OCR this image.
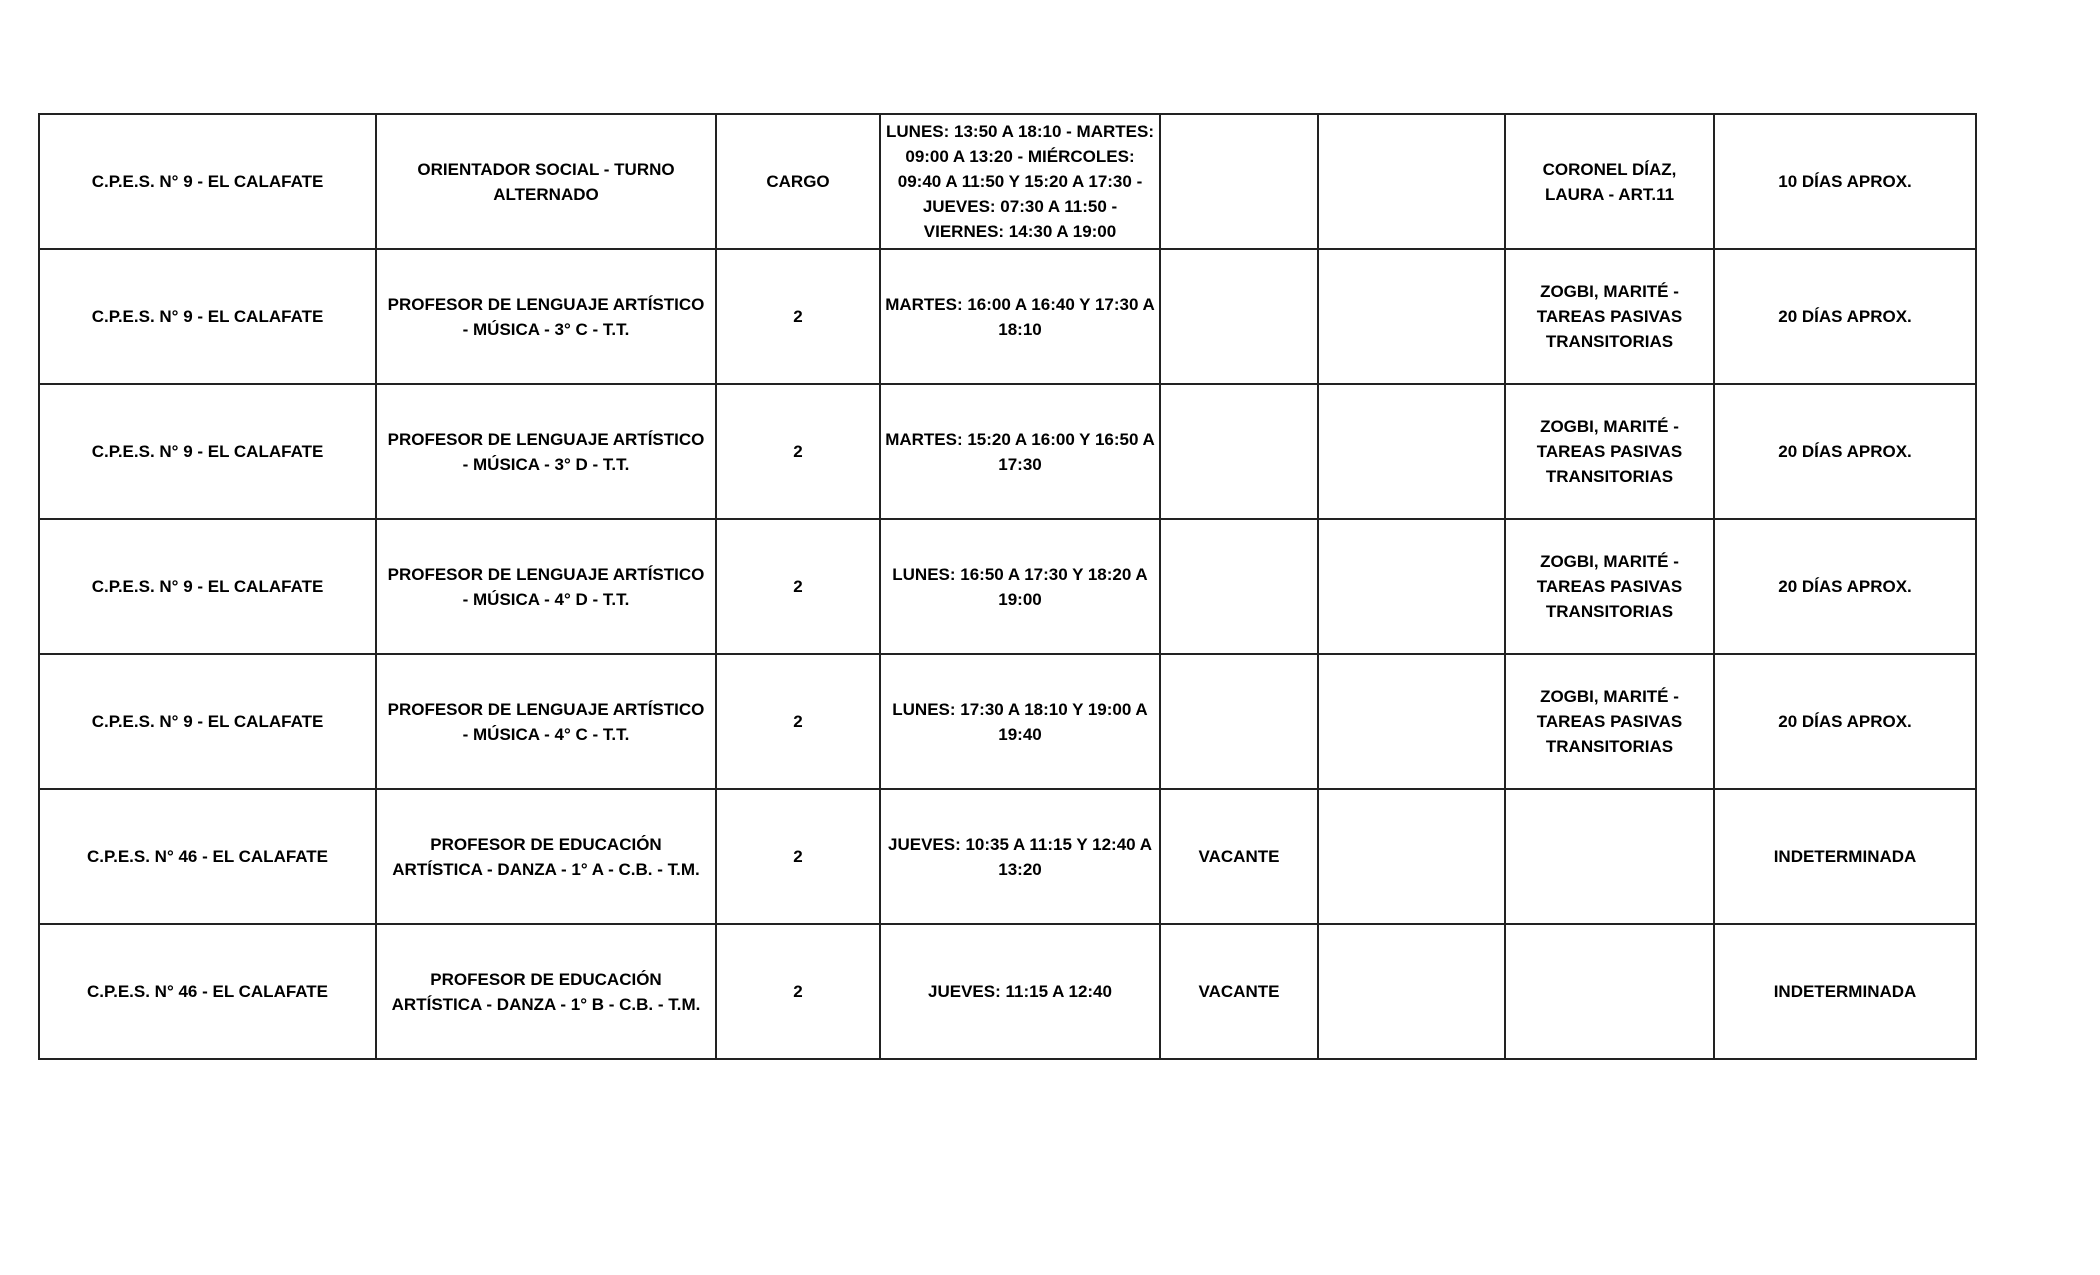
C.P.E.S. N° 9 - EL CALAFATE	ORIENTADOR SOCIAL - TURNO ALTERNADO	CARGO	LUNES: 13:50 A 18:10 - MARTES: 09:00 A 13:20 - MIÉRCOLES: 09:40 A 11:50 Y 15:20 A 17:30 - JUEVES: 07:30 A 11:50 - VIERNES: 14:30 A 19:00			CORONEL DÍAZ, LAURA - ART.11	10 DÍAS APROX.
C.P.E.S. N° 9 - EL CALAFATE	PROFESOR DE LENGUAJE ARTÍSTICO - MÚSICA - 3° C - T.T.	2	MARTES: 16:00 A 16:40 Y 17:30 A 18:10			ZOGBI, MARITÉ - TAREAS PASIVAS TRANSITORIAS	20 DÍAS APROX.
C.P.E.S. N° 9 - EL CALAFATE	PROFESOR DE LENGUAJE ARTÍSTICO - MÚSICA - 3° D - T.T.	2	MARTES: 15:20 A 16:00 Y 16:50 A 17:30			ZOGBI, MARITÉ - TAREAS PASIVAS TRANSITORIAS	20 DÍAS APROX.
C.P.E.S. N° 9 - EL CALAFATE	PROFESOR DE LENGUAJE ARTÍSTICO - MÚSICA - 4° D - T.T.	2	LUNES: 16:50 A 17:30 Y 18:20 A 19:00			ZOGBI, MARITÉ - TAREAS PASIVAS TRANSITORIAS	20 DÍAS APROX.
C.P.E.S. N° 9 - EL CALAFATE	PROFESOR DE LENGUAJE ARTÍSTICO - MÚSICA - 4° C - T.T.	2	LUNES: 17:30 A 18:10 Y 19:00 A 19:40			ZOGBI, MARITÉ - TAREAS PASIVAS TRANSITORIAS	20 DÍAS APROX.
C.P.E.S. N° 46 - EL CALAFATE	PROFESOR DE EDUCACIÓN ARTÍSTICA - DANZA - 1° A - C.B. - T.M.	2	JUEVES: 10:35 A 11:15 Y 12:40 A 13:20	VACANTE			INDETERMINADA
C.P.E.S. N° 46 - EL CALAFATE	PROFESOR DE EDUCACIÓN ARTÍSTICA - DANZA - 1° B - C.B. - T.M.	2	JUEVES: 11:15 A 12:40	VACANTE			INDETERMINADA
